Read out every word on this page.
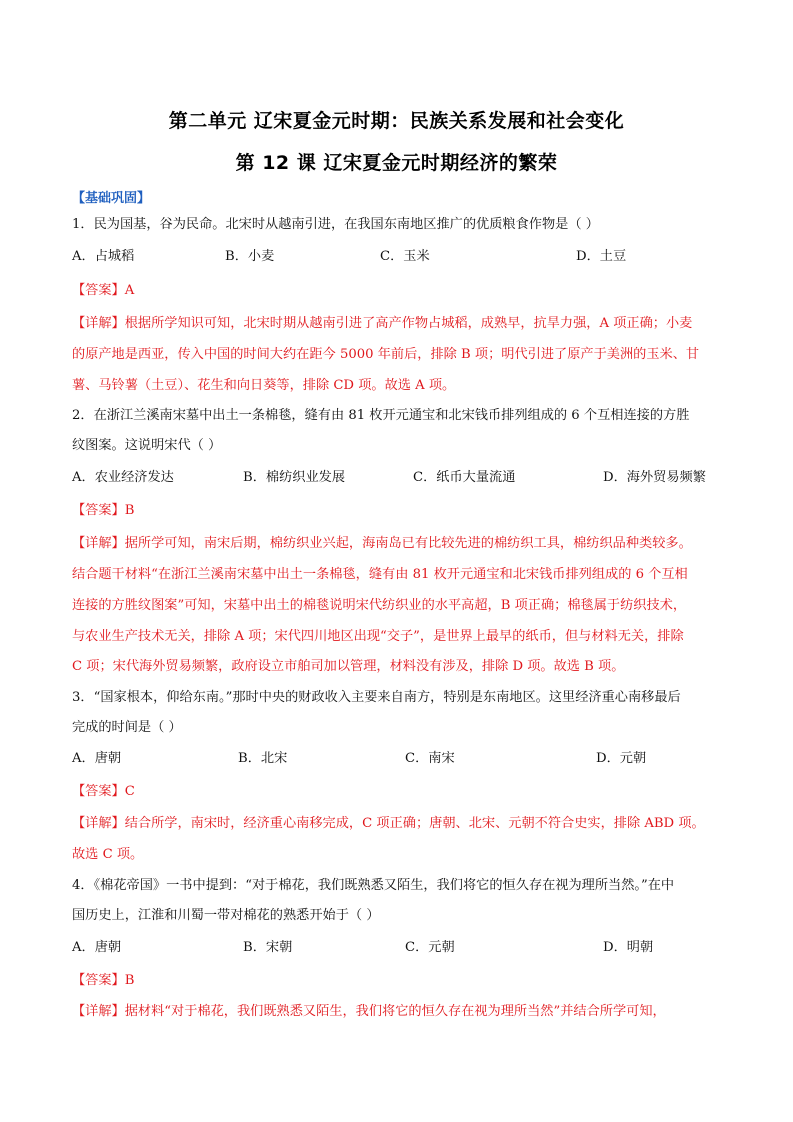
第二单元 辽宋夏金元时期：民族关系发展和社会变化
第 12 课 辽宋夏金元时期经济的繁荣
【基础巩固】
1．民为国基，谷为民命。北宋时从越南引进，在我国东南地区推广的优质粮食作物是（ ）
A．占城稻	B．小麦	C．玉米	D．土豆
【答案】A
【详解】根据所学知识可知，北宋时期从越南引进了高产作物占城稻，成熟早，抗旱力强，A 项正确；小麦
的原产地是西亚，传入中国的时间大约在距今 5000 年前后，排除 B 项；明代引进了原产于美洲的玉米、甘
薯、马铃薯（土豆）、花生和向日葵等，排除 CD 项。故选 A 项。
2．在浙江兰溪南宋墓中出土一条棉毯，缝有由 81 枚开元通宝和北宋钱币排列组成的 6 个互相连接的方胜
纹图案。这说明宋代（ ）
A．农业经济发达	B．棉纺织业发展	C．纸币大量流通	D．海外贸易频繁
【答案】B
【详解】据所学可知，南宋后期，棉纺织业兴起，海南岛已有比较先进的棉纺织工具，棉纺织品种类较多。
结合题干材料“在浙江兰溪南宋墓中出土一条棉毯，缝有由 81 枚开元通宝和北宋钱币排列组成的 6 个互相
连接的方胜纹图案”可知，宋墓中出土的棉毯说明宋代纺织业的水平高超，B 项正确；棉毯属于纺织技术，
与农业生产技术无关，排除 A 项；宋代四川地区出现“交子”，是世界上最早的纸币，但与材料无关，排除
C 项；宋代海外贸易频繁，政府设立市舶司加以管理，材料没有涉及，排除 D 项。故选 B 项。
3．“国家根本，仰给东南。”那时中央的财政收入主要来自南方，特别是东南地区。这里经济重心南移最后
完成的时间是（ ）
A．唐朝	B．北宋	C．南宋	D．元朝
【答案】C
【详解】结合所学，南宋时，经济重心南移完成，C 项正确；唐朝、北宋、元朝不符合史实，排除 ABD 项。
故选 C 项。
4．《棉花帝国》一书中提到：“对于棉花，我们既熟悉又陌生，我们将它的恒久存在视为理所当然。”在中
国历史上，江淮和川蜀一带对棉花的熟悉开始于（ ）
A．唐朝	B．宋朝	C．元朝	D．明朝
【答案】B
【详解】据材料“对于棉花，我们既熟悉又陌生，我们将它的恒久存在视为理所当然”并结合所学可知，
